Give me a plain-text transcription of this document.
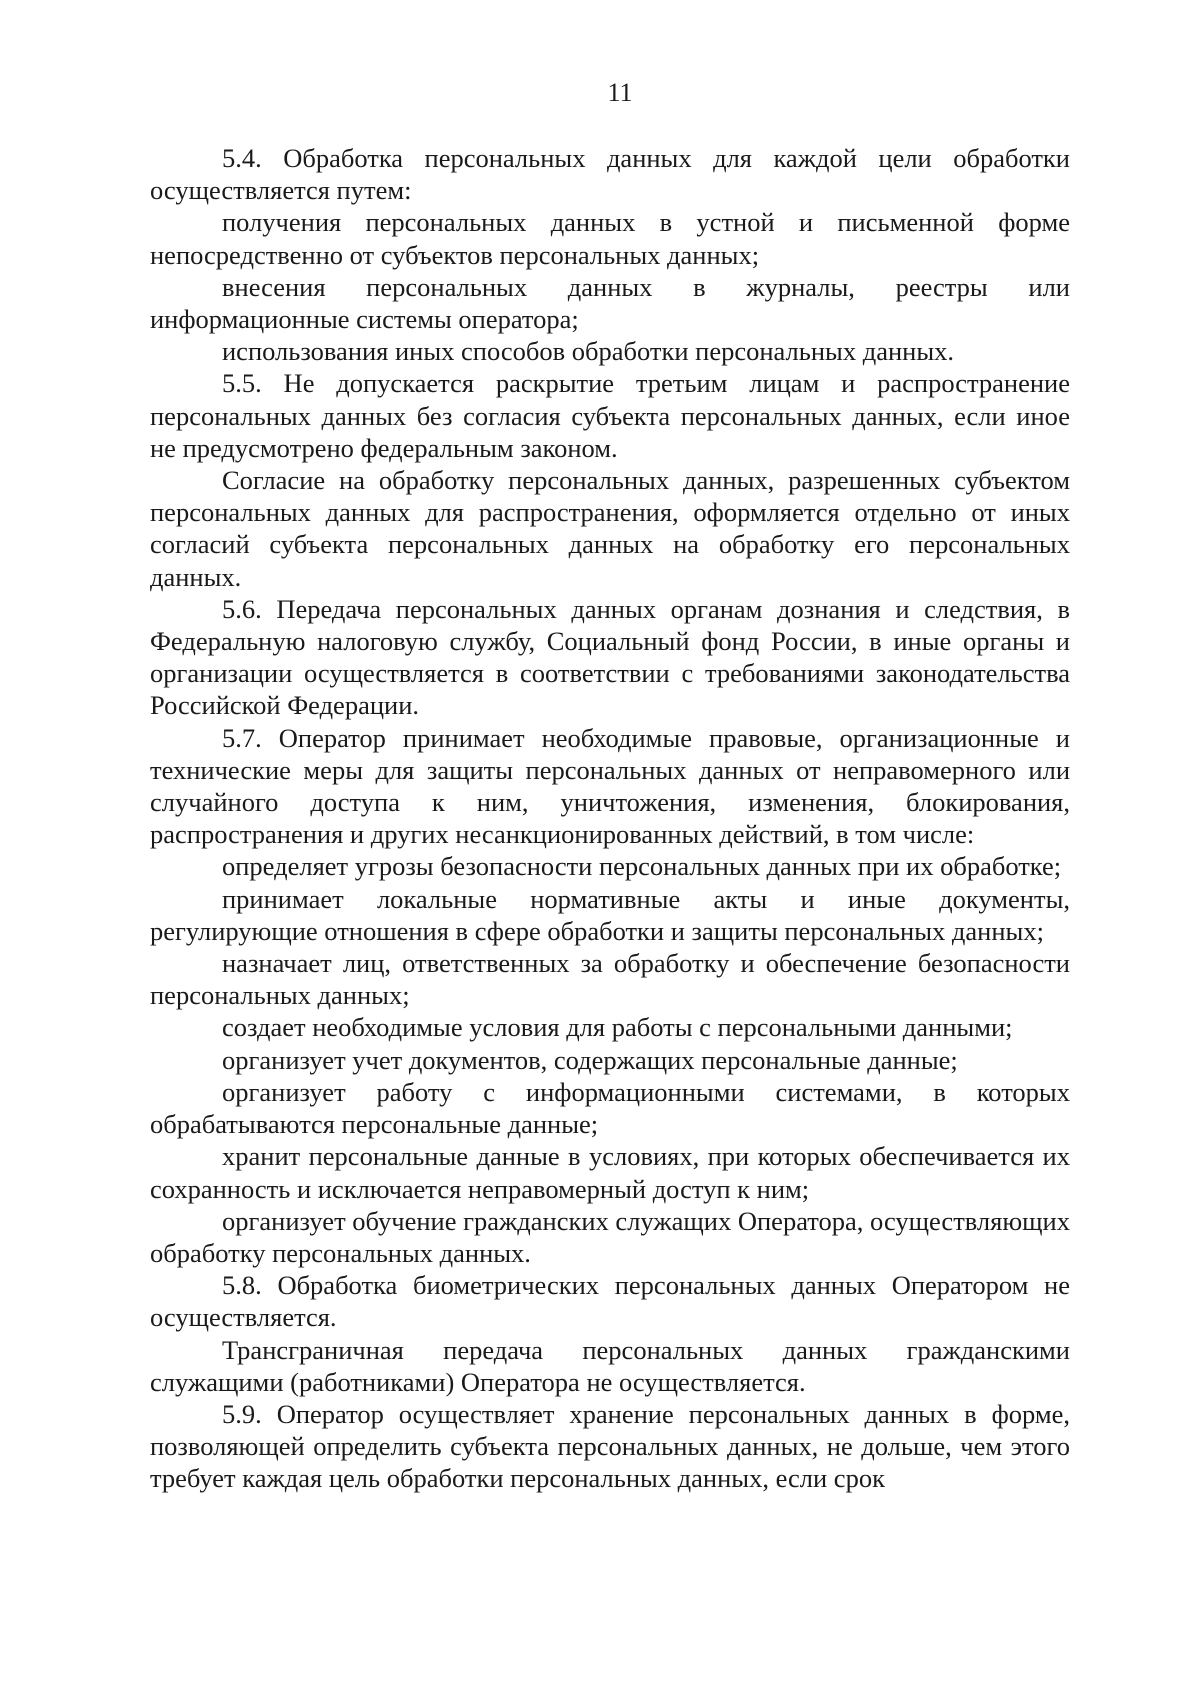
11

5.4. Обработка персональных данных для каждой цели обработки осуществляется путем:

получения персональных данных в устной и письменной форме непосредственно от субъектов персональных данных;

внесения персональных данных в журналы, реестры или информационные системы оператора;

использования иных способов обработки персональных данных.

5.5. Не допускается раскрытие третьим лицам и распространение персональных данных без согласия субъекта персональных данных, если иное не предусмотрено федеральным законом.

Согласие на обработку персональных данных, разрешенных субъектом персональных данных для распространения, оформляется отдельно от иных согласий субъекта персональных данных на обработку его персональных данных.

5.6. Передача персональных данных органам дознания и следствия, в Федеральную налоговую службу, Социальный фонд России, в иные органы и организации осуществляется в соответствии с требованиями законодательства Российской Федерации.

5.7. Оператор принимает необходимые правовые, организационные и технические меры для защиты персональных данных от неправомерного или случайного доступа к ним, уничтожения, изменения, блокирования, распространения и других несанкционированных действий, в том числе:

определяет угрозы безопасности персональных данных при их обработке;

принимает локальные нормативные акты и иные документы, регулирующие отношения в сфере обработки и защиты персональных данных;

назначает лиц, ответственных за обработку и обеспечение безопасности персональных данных;

создает необходимые условия для работы с персональными данными;

организует учет документов, содержащих персональные данные;

организует работу с информационными системами, в которых обрабатываются персональные данные;

хранит персональные данные в условиях, при которых обеспечивается их сохранность и исключается неправомерный доступ к ним;

организует обучение гражданских служащих Оператора, осуществляющих обработку персональных данных.

5.8. Обработка биометрических персональных данных Оператором не осуществляется.

Трансграничная передача персональных данных гражданскими служащими (работниками) Оператора не осуществляется.

5.9. Оператор осуществляет хранение персональных данных в форме, позволяющей определить субъекта персональных данных, не дольше, чем этого требует каждая цель обработки персональных данных, если срок
